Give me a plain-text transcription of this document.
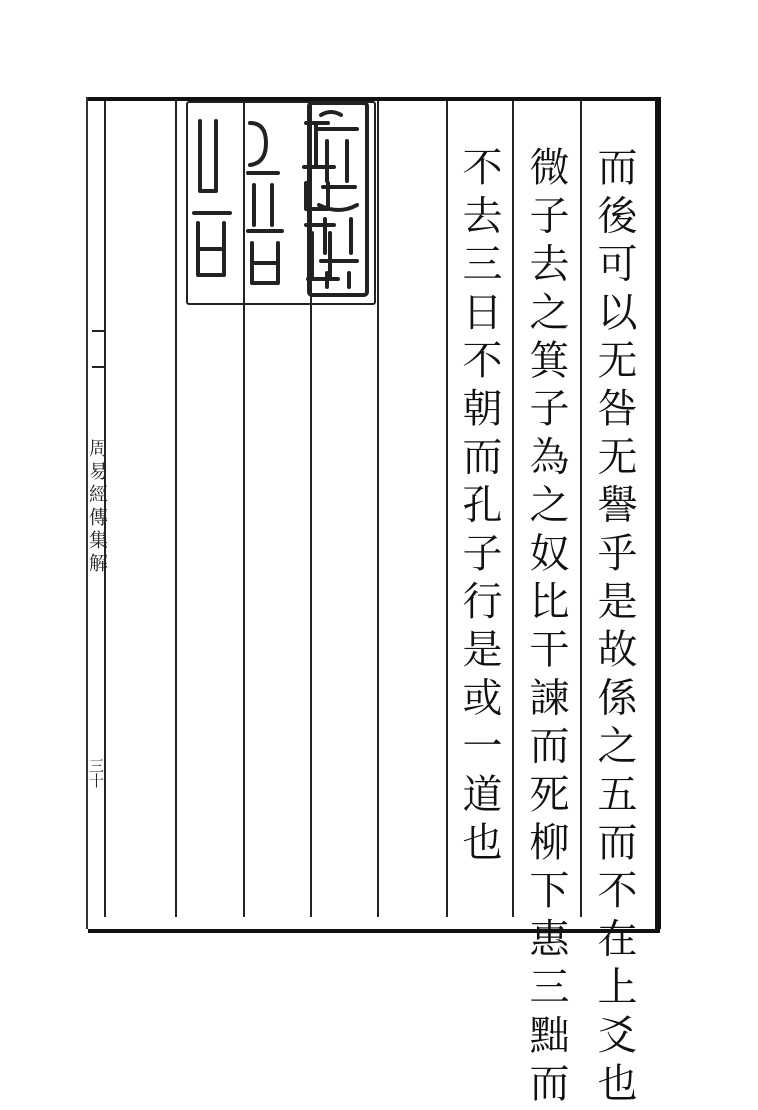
而後可以无咎无譽乎是故係之五而不在上爻也
微子去之箕子為之奴比干諫而死柳下惠三黜而
不去三日不朝而孔子行是或一道也
周易經傳集解
三十
